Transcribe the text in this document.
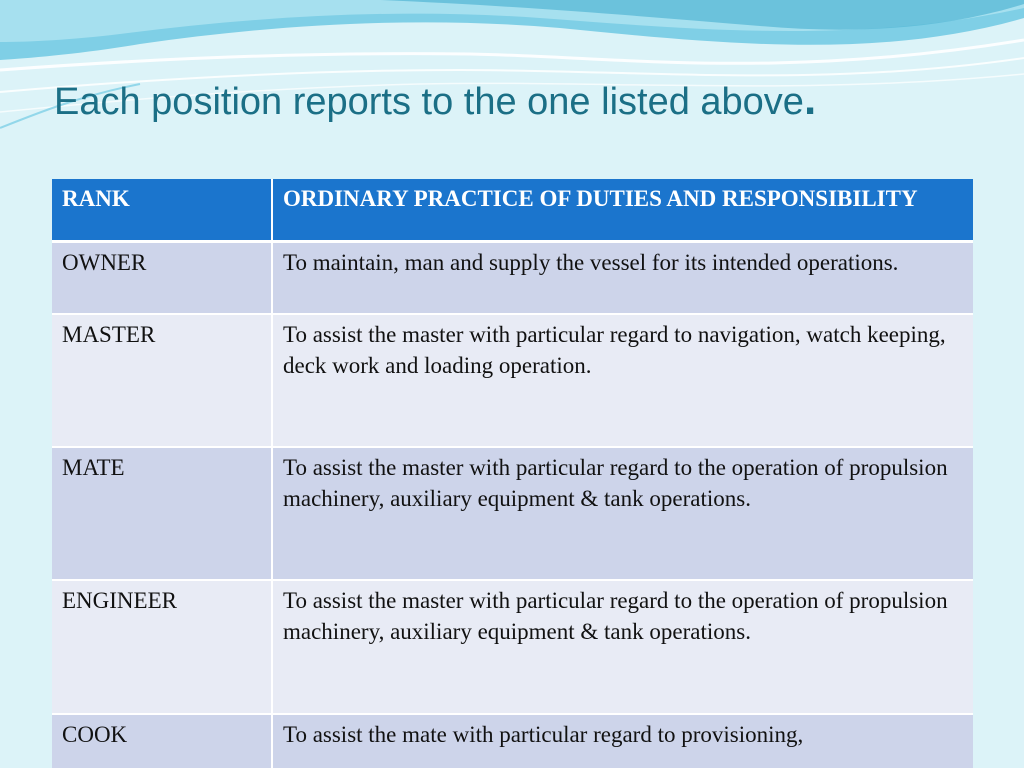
Each position reports to the one listed above.
RANK	ORDINARY PRACTICE OF DUTIES AND RESPONSIBILITY
OWNER	To maintain, man and supply the vessel for its intended operations.
MASTER	To assist the master with particular regard to navigation, watch keeping, deck work and loading operation.
MATE	To assist the master with particular regard to the operation of propulsion machinery, auxiliary equipment & tank operations.
ENGINEER	To assist the master with particular regard to the operation of propulsion machinery, auxiliary equipment & tank operations.
COOK	To assist the mate with particular regard to provisioning,
